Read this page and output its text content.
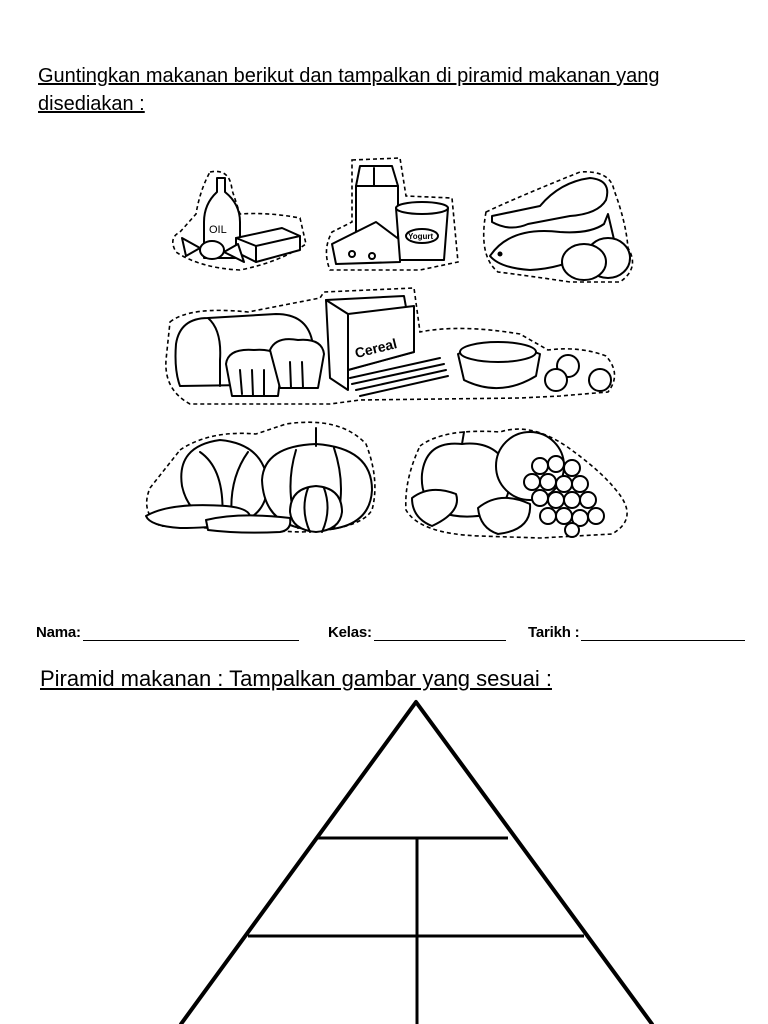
Guntingkan makanan berikut dan tampalkan di piramid makanan yang disediakan :
OIL
Yogurt
Cereal
Nama:	Kelas:	Tarikh :
Piramid makanan : Tampalkan gambar yang sesuai :
